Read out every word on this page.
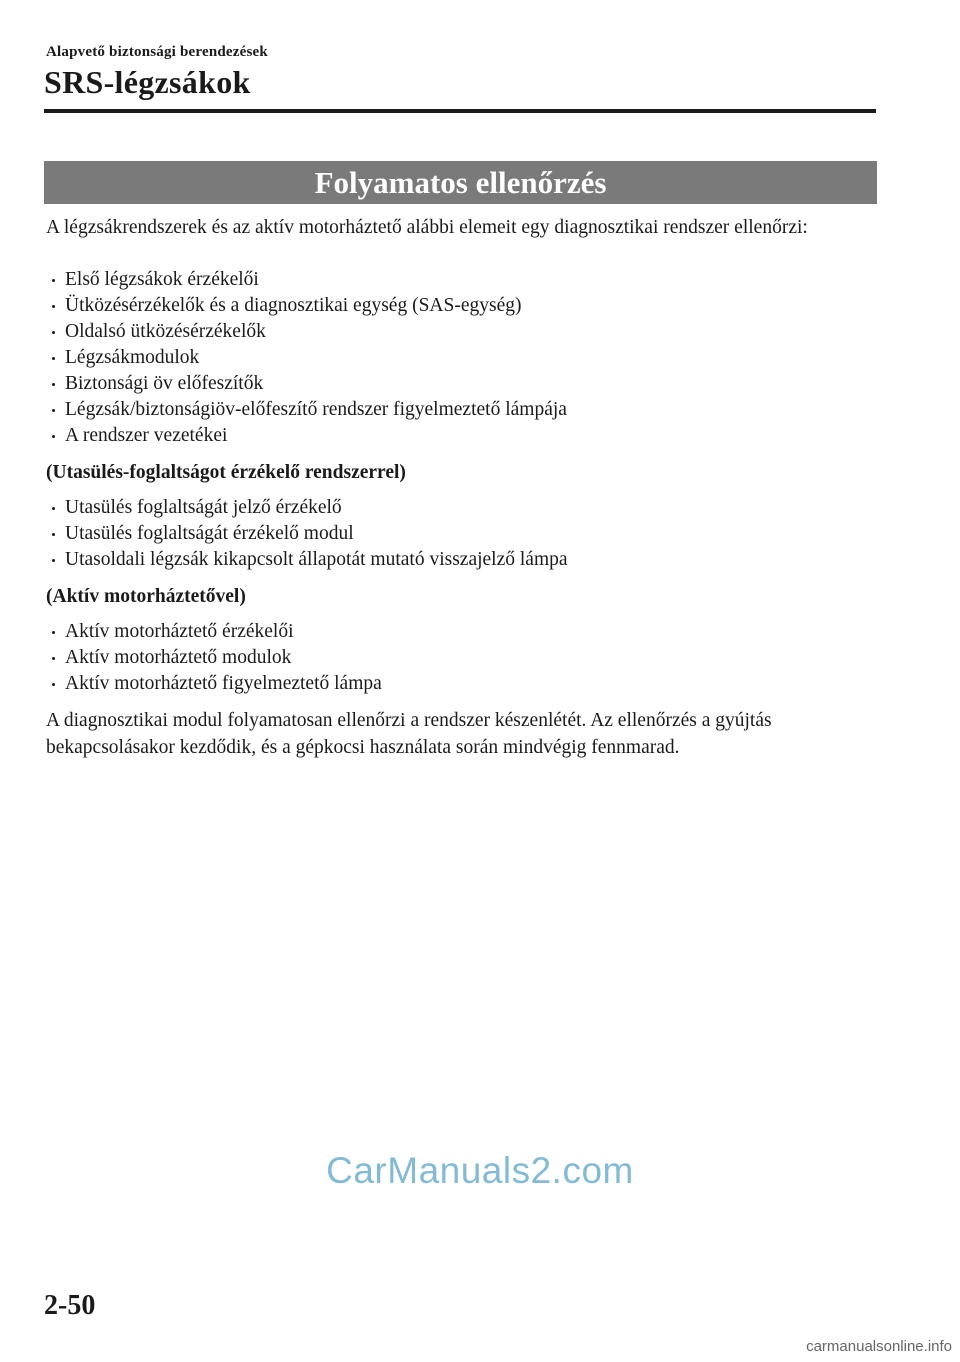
Alapvető biztonsági berendezések
SRS-légzsákok
Folyamatos ellenőrzés

A légzsákrendszerek és az aktív motorháztető alábbi elemeit egy diagnosztikai rendszer ellenőrzi:

Első légzsákok érzékelői
Ütközésérzékelők és a diagnosztikai egység (SAS-egység)
Oldalsó ütközésérzékelők
Légzsákmodulok
Biztonsági öv előfeszítők
Légzsák/biztonságiöv-előfeszítő rendszer figyelmeztető lámpája
A rendszer vezetékei

(Utasülés-foglaltságot érzékelő rendszerrel)

Utasülés foglaltságát jelző érzékelő
Utasülés foglaltságát érzékelő modul
Utasoldali légzsák kikapcsolt állapotát mutató visszajelző lámpa

(Aktív motorháztetővel)

Aktív motorháztető érzékelői
Aktív motorháztető modulok
Aktív motorháztető figyelmeztető lámpa

A diagnosztikai modul folyamatosan ellenőrzi a rendszer készenlétét. Az ellenőrzés a gyújtás bekapcsolásakor kezdődik, és a gépkocsi használata során mindvégig fennmarad.

CarManuals2.com
2-50
carmanualsonline.info
